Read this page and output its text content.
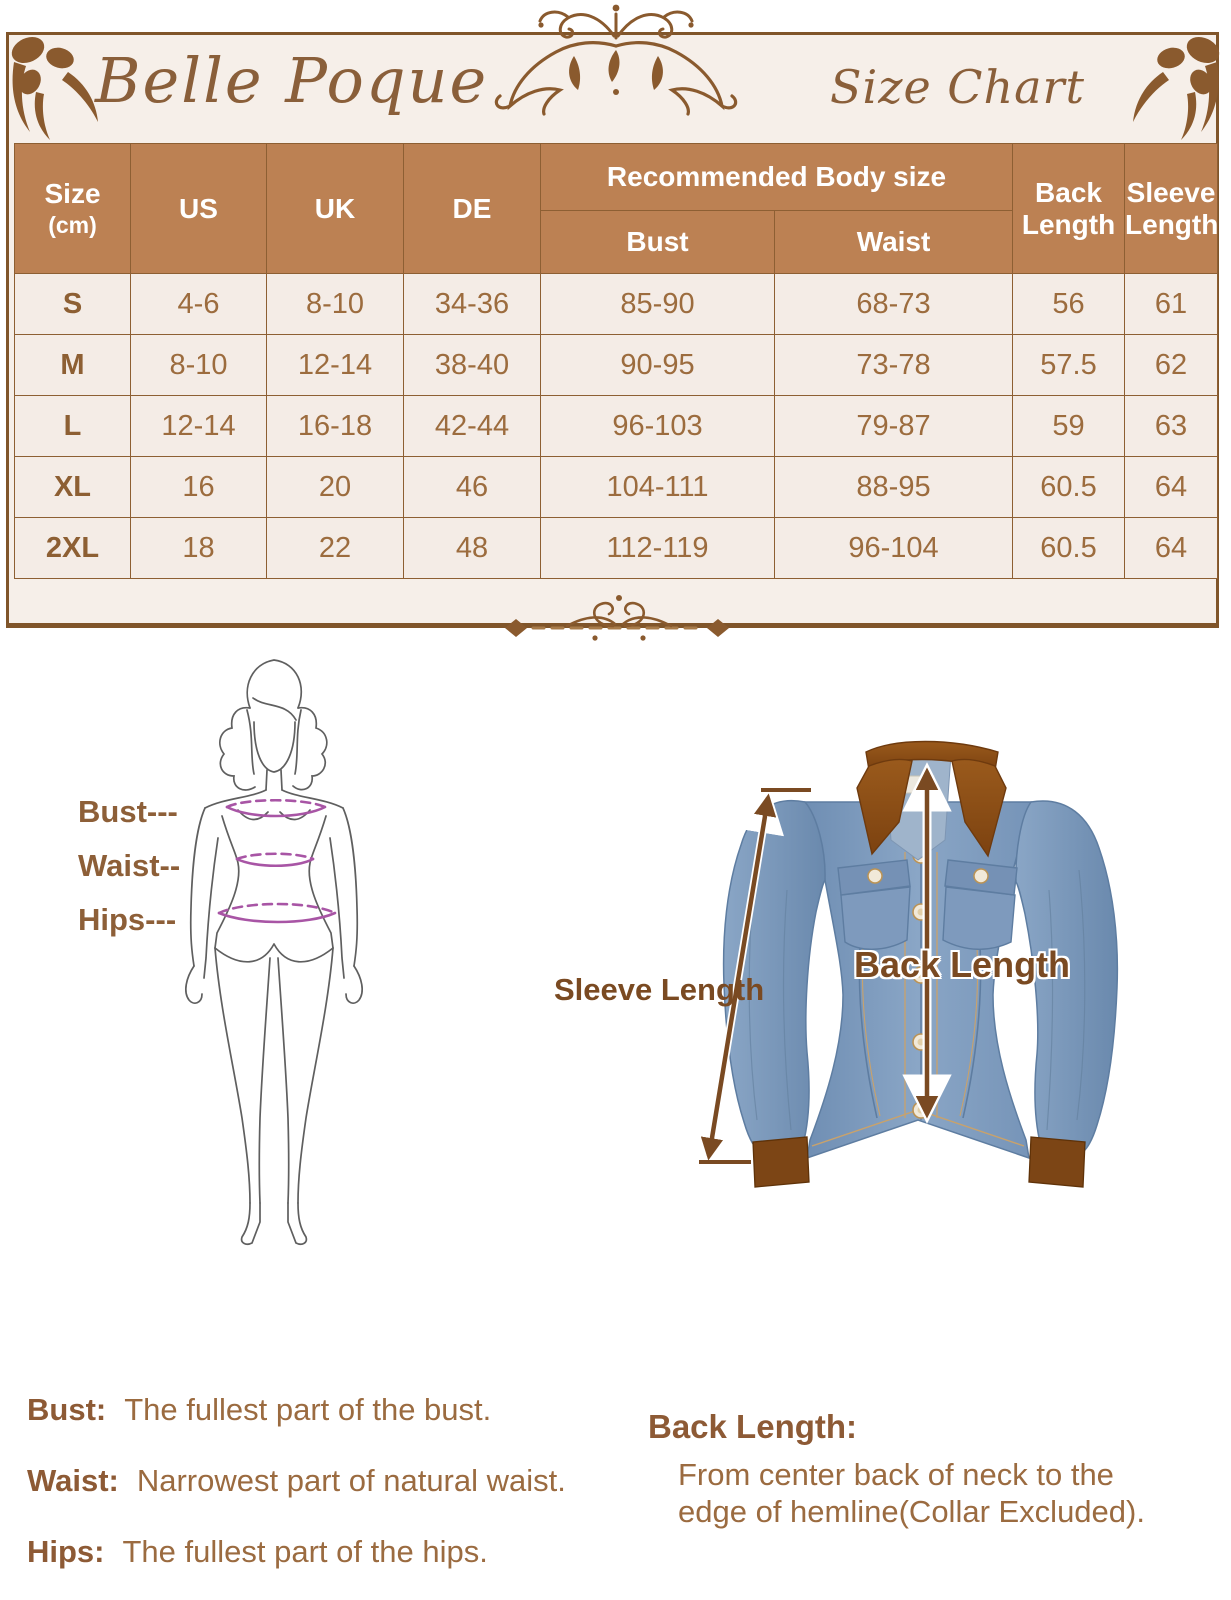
Belle Poque	Size Chart
Size
(cm)	US	UK	DE	Recommended Body size		Back Length	Sleeve Length
				Bust	Waist		
S	4-6	8-10	34-36	85-90	68-73	56	61
M	8-10	12-14	38-40	90-95	73-78	57.5	62
L	12-14	16-18	42-44	96-103	79-87	59	63
XL	16	20	46	104-111	88-95	60.5	64
2XL	18	22	48	112-119	96-104	60.5	64
Bust---
Waist--
Hips---
Sleeve Length
Back Length
Bust: The fullest part of the bust.
Waist: Narrowest part of natural waist.
Hips: The fullest part of the hips.
Back Length:
From center back of neck to the
edge of hemline(Collar Excluded).
